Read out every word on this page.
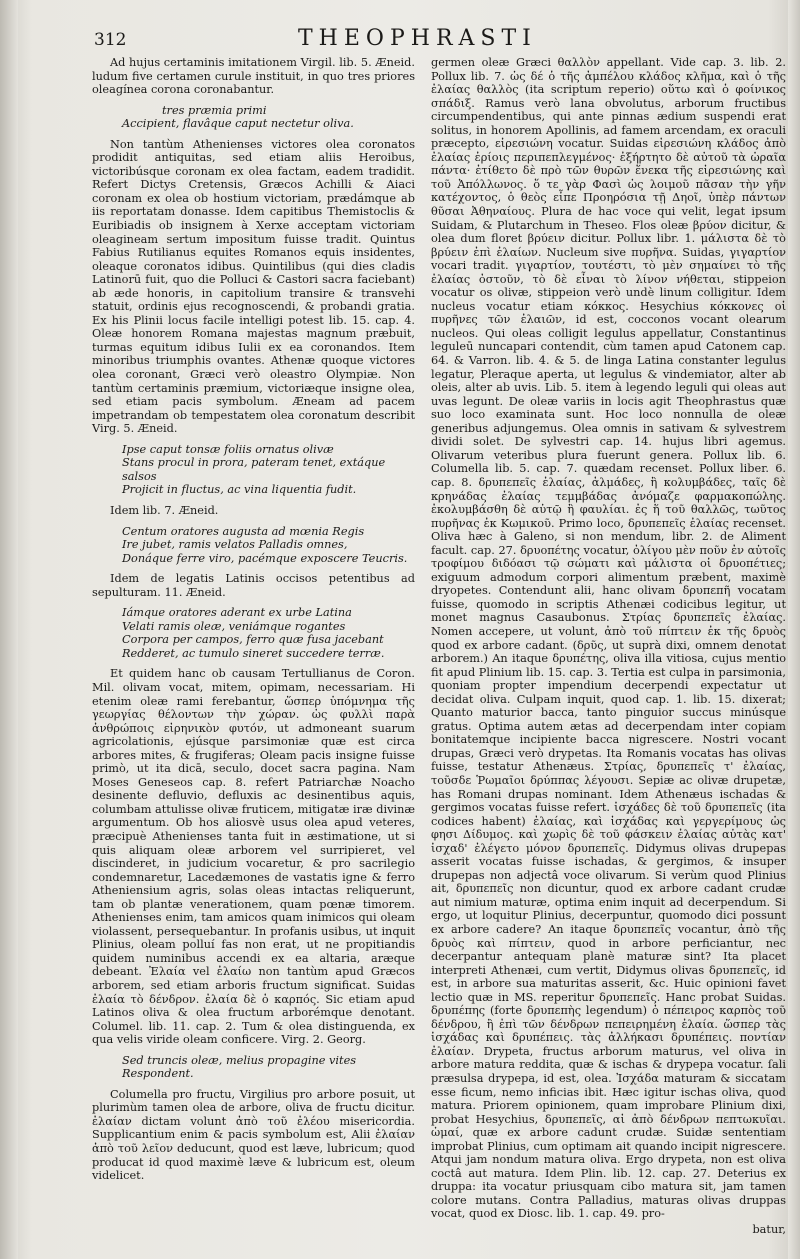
312	THEOPHRASTI

Ad hujus certaminis imitationem Virgil. lib. 5. Æneid. ludum five certamen curule instituit, in quo tres priores oleagínea corona coronabantur.

tres præmia primi

Accipient, flavâque caput nectetur oliva.

Non tantùm Athenienses victores olea coronatos prodidit antiquitas, sed etiam aliis Heroibus, victoribúsque coronam ex olea factam, eadem tradidit. Refert Dictys Cretensis, Græcos Achilli & Aiaci coronam ex olea ob hostium victoriam, prædámque ab iis reportatam donasse. Idem capitibus Themistoclis & Euribiadis ob insignem à Xerxe acceptam victoriam oleagineam sertum impositum fuisse tradit. Quintus Fabius Rutilianus equites Romanos equis insidentes, oleaque coronatos idibus. Quintilibus (qui dies cladis Latinorū fuit, quo die Polluci & Castori sacra faciebant) ab æde honoris, in capitolium transire & transvehi statuit, ordinis ejus recognoscendi, & probandi gratia. Ex his Plinii locus facile intelligi potest lib. 15. cap. 4. Oleæ honorem Romana majestas magnum præbuit, turmas equitum idibus Iulii ex ea coronandos. Item minoribus triumphis ovantes. Athenæ quoque victores olea coronant, Græci verò oleastro Olympiæ. Non tantùm certaminis præmium, victoriæque insigne olea, sed etiam pacis symbolum. Æneam ad pacem impetrandam ob tempestatem olea coronatum describit Virg. 5. Æneid.

Ipse caput tonsæ foliis ornatus olivæ

Stans procul in prora, pateram tenet, extáque salsos

Projicit in fluctus, ac vina liquentia fudit.

Idem lib. 7. Æneid.

Centum oratores augusta ad mœnia Regis

Ire jubet, ramis velatos Palladis omnes,

Donáque ferre viro, pacémque exposcere Teucris.

Idem de legatis Latinis occisos petentibus ad sepulturam. 11. Æneid.

Iámque oratores aderant ex urbe Latina

Velati ramis oleæ, veniámque rogantes

Corpora per campos, ferro quæ fusa jacebant

Redderet, ac tumulo sineret succedere terræ.

Et quidem hanc ob causam Tertullianus de Coron. Mil. olivam vocat, mitem, opimam, necessariam. Hi etenim oleæ rami ferebantur, ὥσπερ ὑπόμνημα τῆς γεωργίας θέλοντων τὴν χώραν. ὡς φυλλὶ παρὰ ἀνθρώποις εἰρηνικὸν φυτόν, ut admoneant suarum agricolationis, ejúsque parsimoniæ quæ est circa arbores mites, & frugiferas; Oleam pacis insigne fuisse primò, ut ita dicā, seculo, docet sacra pagina. Nam Moses Geneseos cap. 8. refert Patriarchæ Noacho desinente defluvio, defluxis ac desinentibus aquis, columbam attulisse olivæ fruticem, mitigatæ iræ divinæ argumentum. Ob hos aliosvè usus olea apud veteres, præcipuè Athenienses tanta fuit in æstimatione, ut si quis aliquam oleæ arborem vel surripieret, vel discinderet, in judicium vocaretur, & pro sacrilegio condemnaretur, Lacedæmones de vastatis igne & ferro Atheniensium agris, solas oleas intactas reliquerunt, tam ob plantæ venerationem, quam pœnæ timorem. Athenienses enim, tam amicos quam inimicos qui oleam violassent, persequebantur. In profanis usibus, ut inquit Plinius, oleam polluí fas non erat, ut ne propitiandis quidem numinibus accendi ex ea altaria, aræque debeant. Ἐλαία vel ἐλαίω non tantùm apud Græcos arborem, sed etiam arboris fructum significat. Suidas ἐλαία τὸ δένδρον. ἐλαία δὲ ὁ καρπός. Sic etiam apud Latinos oliva & olea fructum arborémque denotant. Columel. lib. 11. cap. 2. Tum & olea distinguenda, ex qua velis viride oleam conficere. Virg. 2. Georg.

Sed truncis oleæ, melius propagine vites

Respondent.

Columella pro fructu, Virgilius pro arbore posuit, ut plurimùm tamen olea de arbore, oliva de fructu dicitur. ἐλαίαν dictam volunt ἀπὸ τοῦ ἐλέου misericordia. Supplicantium enim & pacis symbolum est, Alii ἐλαίαν ἀπὸ τοῦ λεῖον deducunt, quod est læve, lubricum; quod producat id quod maximè læve & lubricum est, oleum videlicet.

germen oleæ Græci θαλλὸν appellant. Vide cap. 3. lib. 2. Pollux lib. 7. ὡς δέ ὁ τῆς ἀμπέλου κλάδος κλῆμα, καὶ ὁ τῆς ἐλαίας θαλλὸς (ita scriptum reperio) οὕτω καὶ ὁ φοίνικος σπάδιξ. Ramus verò lana obvolutus, arborum fructibus circumpendentibus, qui ante pinnas ædium suspendi erat solitus, in honorem Apollinis, ad famem arcendam, ex oraculi præcepto, εἰρεσιώνη vocatur. Suidas εἰρεσιώνη κλάδος ἀπὸ ἐλαίας ἐρίοις περιπεπλεγμένος· ἐξήρτητο δὲ αὐτοῦ τὰ ὡραῖα πάντα· ἐτίθετο δὲ πρὸ τῶν θυρῶν ἕνεκα τῆς εἰρεσιώνης καὶ τοῦ Ἀπόλλωνος. ὅ τε γὰρ Φασὶ ὡς λοιμοῦ πᾶσαν τὴν γῆν κατέχοντος, ὁ θεὸς εἶπε Προηρόσια τῇ Δηοῖ, ὑπὲρ πάντων θῦσαι Ἀθηναίους. Plura de hac voce qui velit, legat ipsum Suidam, & Plutarchum in Theseo. Flos oleæ βρύον dicitur, & olea dum floret βρύειν dicitur. Pollux libr. 1. μάλιστα δὲ τὸ βρύειν ἐπὶ ἐλαίων. Nucleum sive πυρῆνα. Suidas, γιγαρτίον vocari tradit. γιγαρτίον, τουτέστι, τὸ μὲν σημαίνει τὸ τῆς ἐλαίας ὀστοῦν, τὸ δὲ εἶναι τὸ λίνον νήθεται, stippeion vocatur os olivæ, stippeion verò undè linum colligitur. Idem nucleus vocatur etiam κόκκος. Hesychius κόκκονες οἱ πυρῆνες τῶν ἐλαιῶν, id est, cocconos vocant olearum nucleos. Qui oleas colligit legulus appellatur, Constantinus leguleū nuncapari contendit, cùm tamen apud Catonem cap. 64. & Varron. lib. 4. & 5. de linga Latina constanter legulus legatur, Pleraque aperta, ut legulus & vindemiator, alter ab oleis, alter ab uvis. Lib. 5. item à legendo leguli qui oleas aut uvas legunt. De oleæ variis in locis agit Theophrastus quæ suo loco examinata sunt. Hoc loco nonnulla de oleæ generibus adjungemus. Olea omnis in sativam & sylvestrem dividi solet. De sylvestri cap. 14. hujus libri agemus. Olivarum veteribus plura fuerunt genera. Pollux lib. 6. Columella lib. 5. cap. 7. quædam recenset. Pollux liber. 6. cap. 8. δρυπεπεῖς ἐλαίας, ἁλμάδες, ἢ κολυμβάδες, ταῖς δὲ κρηνάδας ἐλαίας τεμμβάδας ἀνόμαζε φαρμακοπώλης. ἐκολυμβάσθη δὲ αὐτῷ ἢ φαυλίαι. ἐς ἥ τοῦ θαλλῶς, τωῦτος πυρῆνας ἐκ Κωμικοῦ. Primo loco, δρυπεπεῖς ἐλαίας recenset. Oliva hæc à Galeno, si non mendum, libr. 2. de Aliment facult. cap. 27. δρυοπέτης vocatur, ὀλίγου μὲν ποῦν ἐν αὐτοῖς τροφίμου διδόασι τῷ σώματι καὶ μάλιστα οἱ δρυοπέτιες; exiguum admodum corpori alimentum præbent, maximè dryopetes. Contendunt alii, hanc olivam δρυπεπῆ vocatam fuisse, quomodo in scriptis Athenæi codicibus legitur, ut monet magnus Casaubonus. Στρίας δρυπεπεῖς ἐλαίας. Nomen accepere, ut volunt, ἀπὸ τοῦ πίπτειν ἐκ τῆς δρυὸς quod ex arbore cadant. (δρῦς, ut suprà dixi, omnem denotat arborem.) An itaque δρυπέτης, oliva illa vitiosa, cujus mentio fit apud Plinium lib. 15. cap. 3. Tertia est culpa in parsimonia, quoniam propter impendium decerpendi expectatur ut decidat oliva. Culpam inquit, quod cap. 1. lib. 15. dixerat; Quanto maturior bacca, tanto pinguior succus minúsque gratus. Optima autem ætas ad decerpendam inter copiam bonitatemque incipiente bacca nigrescere. Nostri vocant drupas, Græci verò drypetas. Ita Romanis vocatas has olivas fuisse, testatur Athenæus. Στρίας, δρυπεπεῖς τ' ἐλαίας, τοῦσδε Ῥωμαῖοι δρύππας λέγουσι. Sepiæ ac olivæ drupetæ, has Romani drupas nominant. Idem Athenæus ischadas & gergimos vocatas fuisse refert. ἰσχάδες δὲ τοῦ δρυπεπεῖς (ita codices habent) ἐλαίας, καὶ ἰσχάδας καὶ γεργερίμους ὡς φησι Δίδυμος. καὶ χωρὶς δὲ τοῦ φάσκειν ἐλαίας αὐτὰς κατ' ἰσχαδ' ἐλέγετο μόνον δρυπεπεῖς. Didymus olivas drupepas asserit vocatas fuisse ischadas, & gergimos, & insuper drupepas non adjectâ voce olivarum. Si verùm quod Plinius ait, δρυπεπεῖς non dicuntur, quod ex arbore cadant crudæ aut nimium maturæ, optima enim inquit ad decerpendum. Si ergo, ut loquitur Plinius, decerpuntur, quomodo dici possunt ex arbore cadere? An itaque δρυπεπεῖς vocantur, ἀπὸ τῆς δρυὸς καὶ πίπτειν, quod in arbore perficiantur, nec decerpantur antequam planè maturæ sint? Ita placet interpreti Athenæi, cum vertit, Didymus olivas δρυπεπεῖς, id est, in arbore sua maturitas asserit, &c. Huic opinioni favet lectio quæ in MS. reperitur δρυπεπεῖς. Hanc probat Suidas. δρυπέπης (forte δρυπεπὴς legendum) ὁ πέπειρος καρπὸς τοῦ δένδρου, ἢ ἐπὶ τῶν δένδρων πεπειρημένη ἐλαία. ὥσπερ τὰς ἰσχάδας καὶ δρυπέπεις. τὰς ἀλλήκασι δρυπέπεις. ποντίαν ἐλαίαν. Drypeta, fructus arborum maturus, vel oliva in arbore matura reddita, quæ & ischas & drypepa vocatur. ſali præsulsa drypepa, id est, olea. Ἰσχάδα maturam & siccatam esse ficum, nemo inficias ibit. Hæc igitur ischas oliva, quod matura. Priorem opinionem, quam improbare Plinium dixi, probat Hesychius, δρυπεπεῖς, αἱ ἀπὸ δένδρων πεπτωκυῖαι. ὠμαί, quæ ex arbore cadunt crudæ. Suidæ sententiam improbat Plinius, cum optimam ait quando incipit nigrescere. Atqui jam nondum matura oliva. Ergo drypeta, non est oliva coctâ aut matura. Idem Plin. lib. 12. cap. 27. Deterius ex druppa: ita vocatur priusquam cibo matura sit, jam tamen colore mutans. Contra Palladius, maturas olivas druppas vocat, quod ex Diosc. lib. 1. cap. 49. pro-

batur,
